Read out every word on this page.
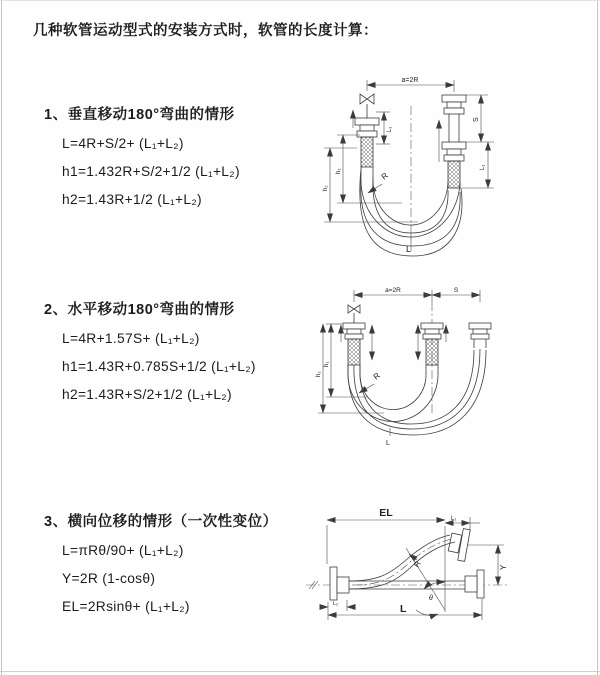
几种软管运动型式的安装方式时，软管的长度计算：
1、垂直移动180°弯曲的情形
L=4R+S/2+ (L₁+L₂)
h1=1.432R+S/2+1/2 (L₁+L₂)
h2=1.43R+1/2 (L₁+L₂)
2、水平移动180°弯曲的情形
L=4R+1.57S+ (L₁+L₂)
h1=1.43R+0.785S+1/2 (L₁+L₂)
h2=1.43R+S/2+1/2 (L₁+L₂)
3、横向位移的情形（一次性变位）
L=πRθ/90+ (L₁+L₂)
Y=2R (1-cosθ)
EL=2Rsinθ+ (L₁+L₂)
a=2R
L₁
S
L₁
h₁
h₂
R
L
a=2R	S
h₁
h₂	R
L
EL	L₁
θ
R	Y
L₂	L
